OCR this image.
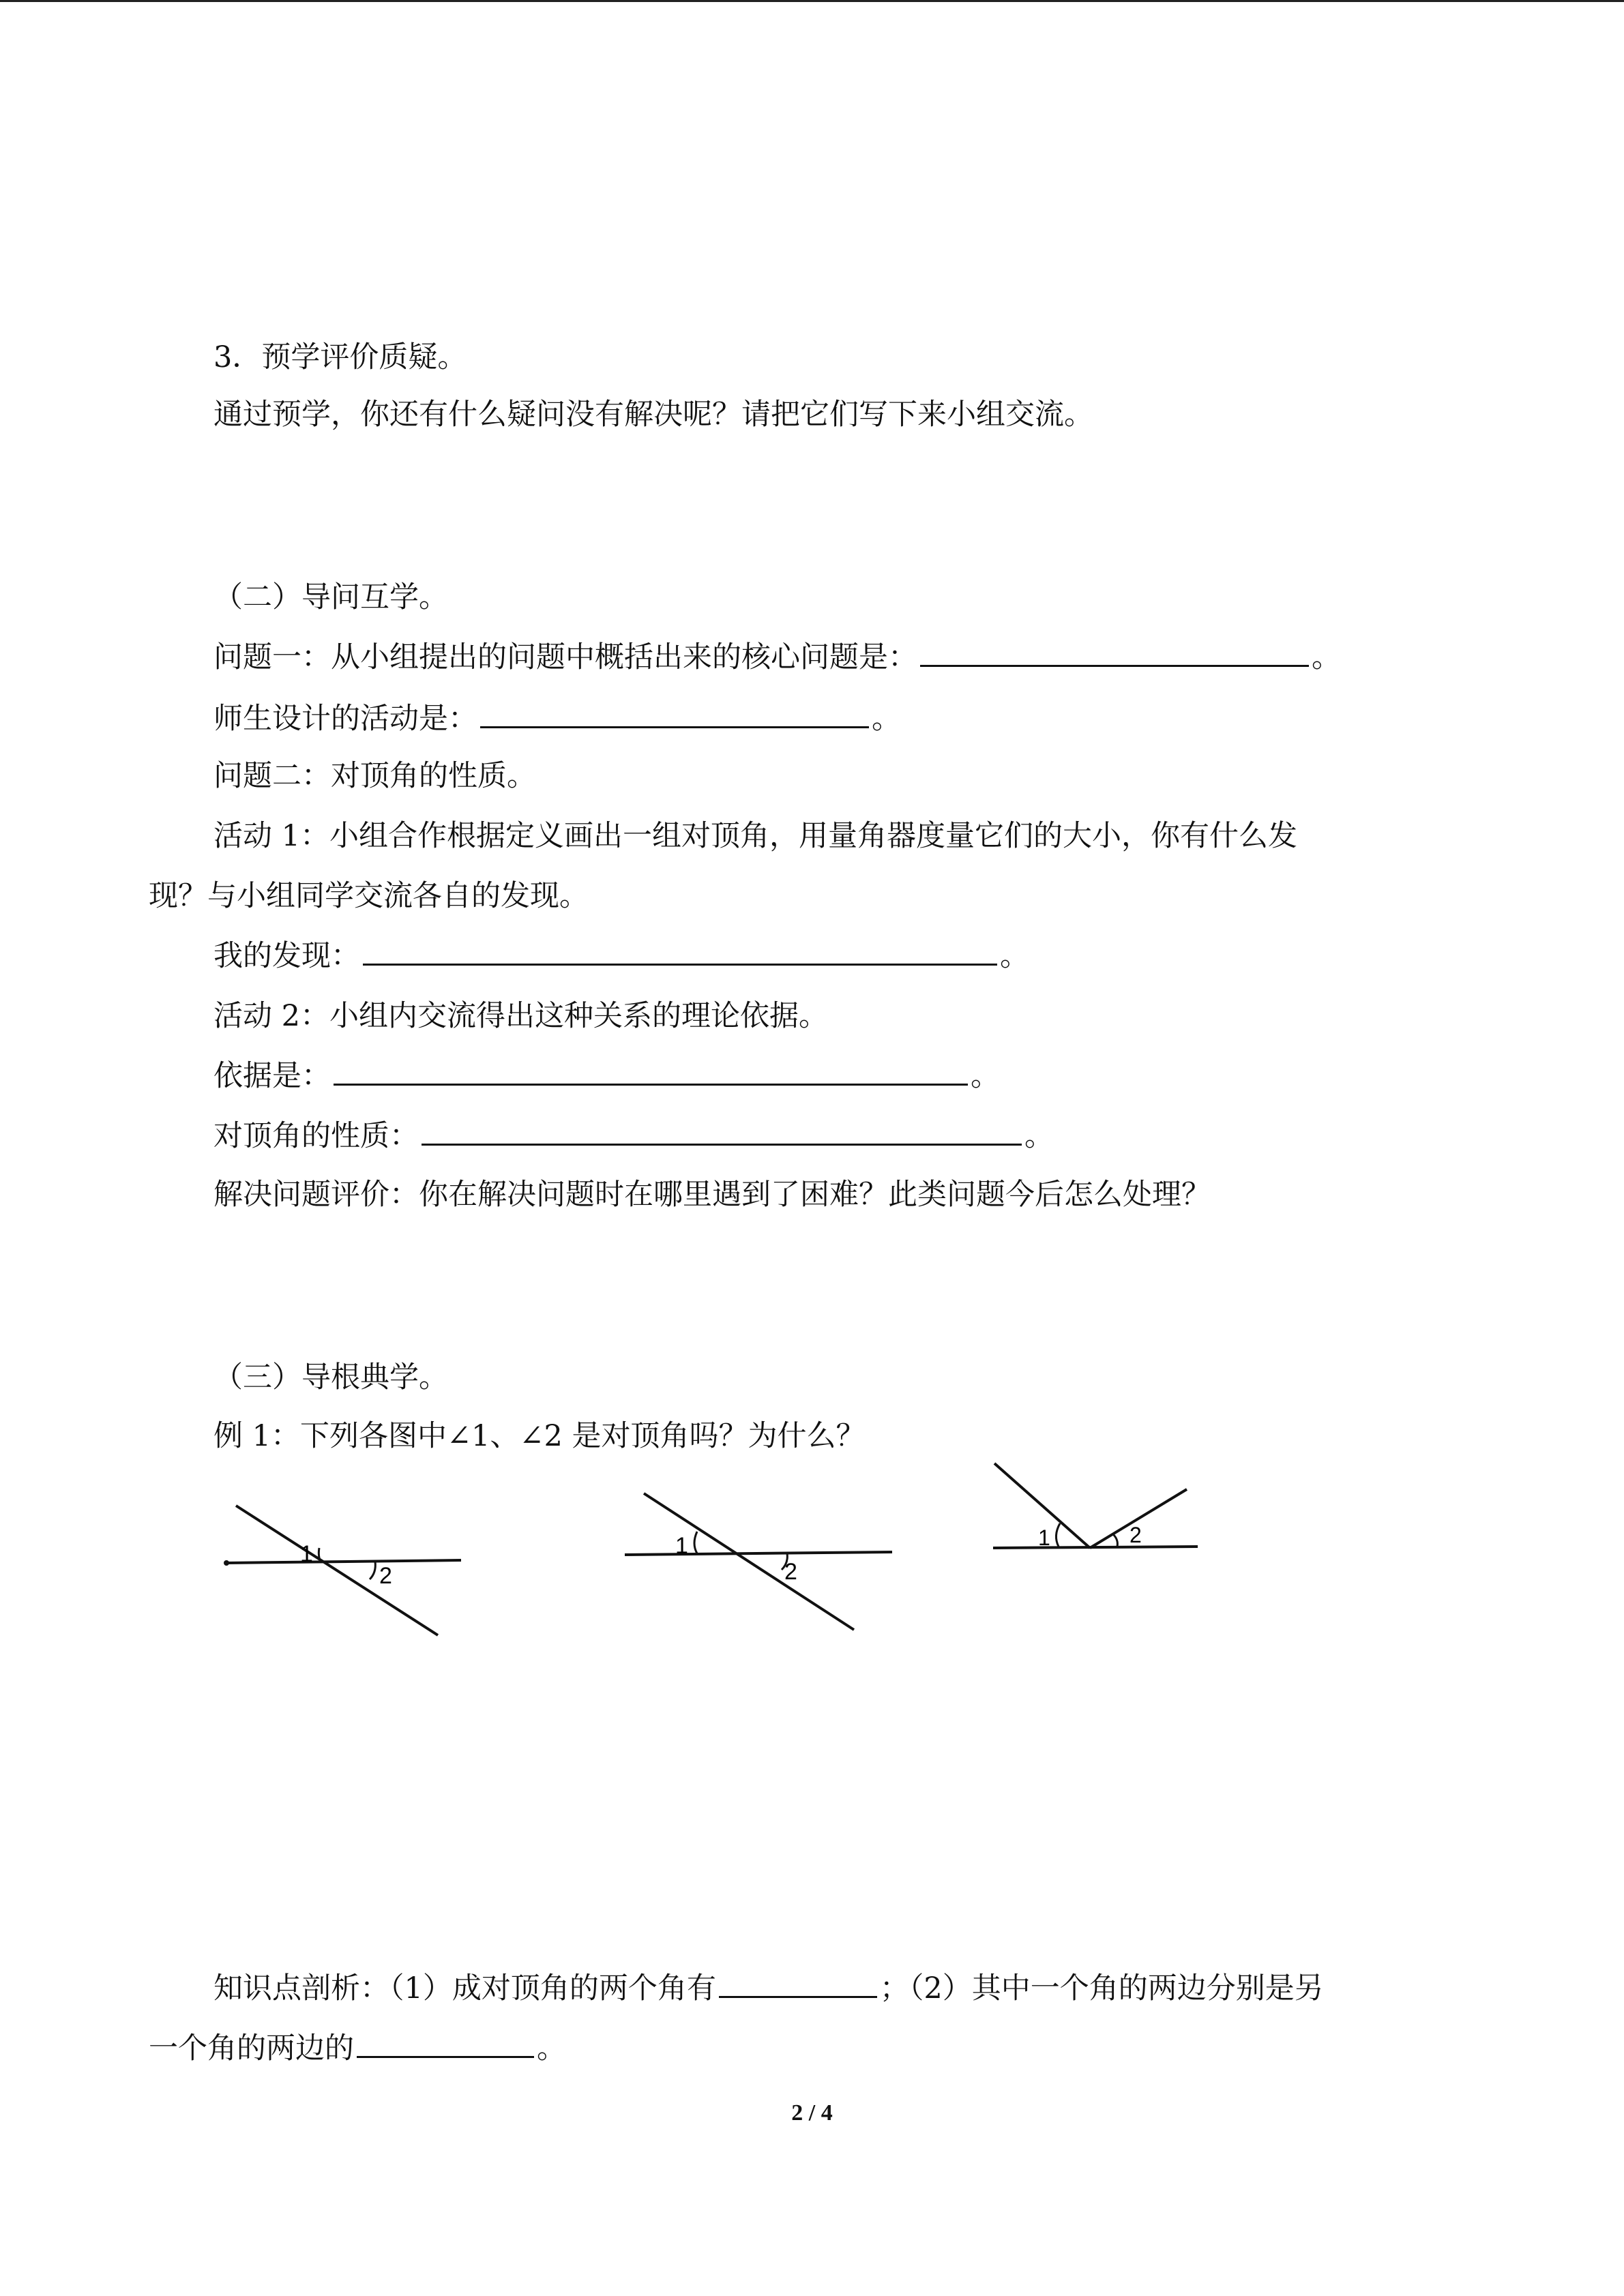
3．预学评价质疑。
通过预学，你还有什么疑问没有解决呢？请把它们写下来小组交流。
（二）导问互学。
问题一：从小组提出的问题中概括出来的核心问题是：	。
师生设计的活动是：	。
问题二：对顶角的性质。
活动 1：小组合作根据定义画出一组对顶角，用量角器度量它们的大小，你有什么发
现？与小组同学交流各自的发现。
我的发现：	。
活动 2：小组内交流得出这种关系的理论依据。
依据是：	。
对顶角的性质：	。
解决问题评价：你在解决问题时在哪里遇到了困难？此类问题今后怎么处理？
（三）导根典学。
例 1：下列各图中∠1、∠2 是对顶角吗？为什么？
1
2
1
2
1	2
知识点剖析：（1）成对顶角的两个角有	；（2）其中一个角的两边分别是另
一个角的两边的	。
2 / 4
